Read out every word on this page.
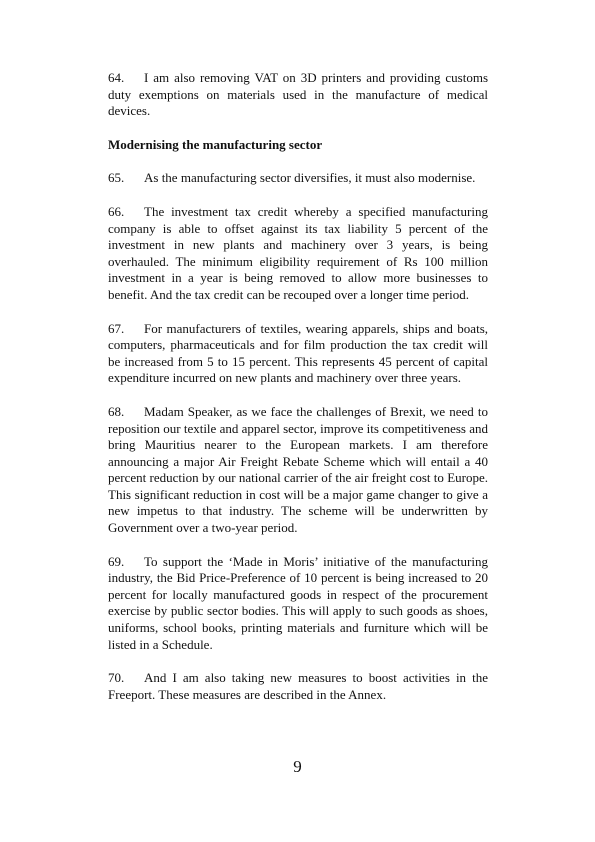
64. I am also removing VAT on 3D printers and providing customs duty exemptions on materials used in the manufacture of medical devices.

Modernising the manufacturing sector

65. As the manufacturing sector diversifies, it must also modernise.

66. The investment tax credit whereby a specified manufacturing company is able to offset against its tax liability 5 percent of the investment in new plants and machinery over 3 years, is being overhauled. The minimum eligibility requirement of Rs 100 million investment in a year is being removed to allow more businesses to benefit. And the tax credit can be recouped over a longer time period.

67. For manufacturers of textiles, wearing apparels, ships and boats, computers, pharmaceuticals and for film production the tax credit will be increased from 5 to 15 percent. This represents 45 percent of capital expenditure incurred on new plants and machinery over three years.

68. Madam Speaker, as we face the challenges of Brexit, we need to reposition our textile and apparel sector, improve its competitiveness and bring Mauritius nearer to the European markets. I am therefore announcing a major Air Freight Rebate Scheme which will entail a 40 percent reduction by our national carrier of the air freight cost to Europe. This significant reduction in cost will be a major game changer to give a new impetus to that industry. The scheme will be underwritten by Government over a two-year period.

69. To support the ‘Made in Moris’ initiative of the manufacturing industry, the Bid Price-Preference of 10 percent is being increased to 20 percent for locally manufactured goods in respect of the procurement exercise by public sector bodies. This will apply to such goods as shoes, uniforms, school books, printing materials and furniture which will be listed in a Schedule.

70. And I am also taking new measures to boost activities in the Freeport. These measures are described in the Annex.

9
